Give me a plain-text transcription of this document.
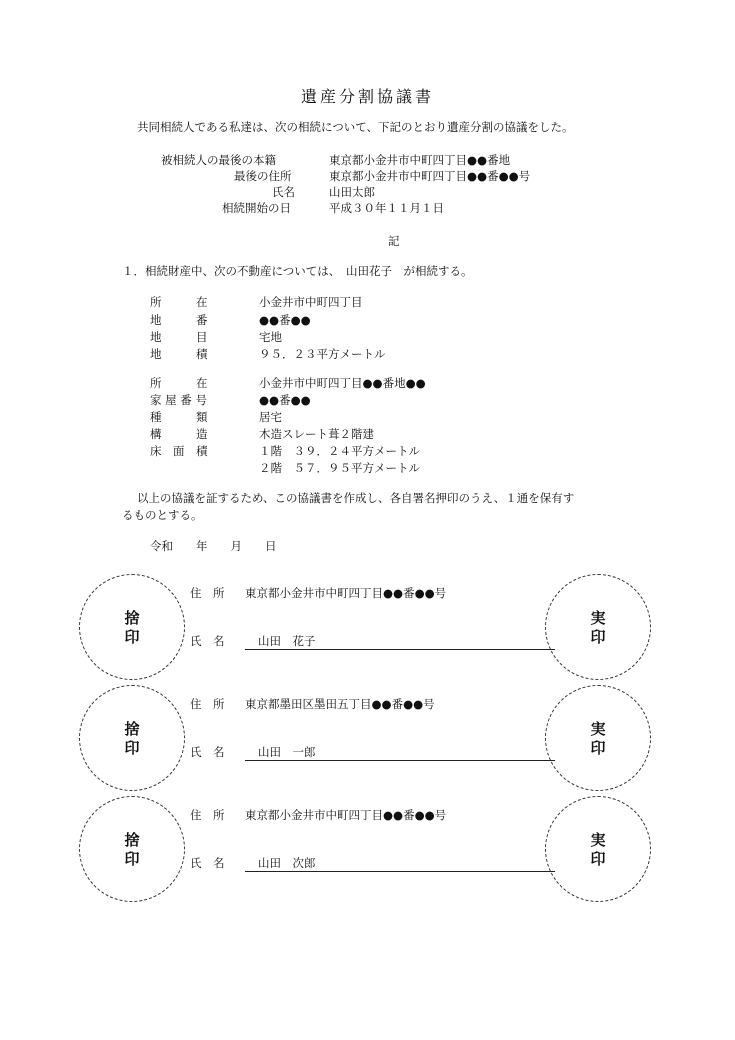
遺産分割協議書
共同相続人である私達は、次の相続について、下記のとおり遺産分割の協議をした。
被相続人の最後の本籍	東京都小金井市中町四丁目●●番地
最後の住所	東京都小金井市中町四丁目●●番●●号
氏名	山田太郎
相続開始の日	平成３０年１１月１日
記
１．相続財産中、次の不動産については、　山田花子　が相続する。
所　　　在	小金井市中町四丁目
地　　　番	●●番●●
地　　　目	宅地
地　　　積	９５．２３平方メートル
所　　　在	小金井市中町四丁目●●番地●●
家 屋 番 号	●●番●●
種　　　類	居宅
構　　　造	木造スレート葺２階建
床　面　積	１階　３９．２４平方メートル
２階　５７．９５平方メートル
以上の協議を証するため、この協議書を作成し、各自署名押印のうえ、１通を保有す
るものとする。
令和　　年　　月　　日
捨印
住　所 東京都小金井市中町四丁目●●番●●号
氏　名	山田　花子
実印
捨印
住　所 東京都墨田区墨田五丁目●●番●●号
氏　名	山田　一郎
実印
捨印
住　所 東京都小金井市中町四丁目●●番●●号
氏　名	山田　次郎
実印
